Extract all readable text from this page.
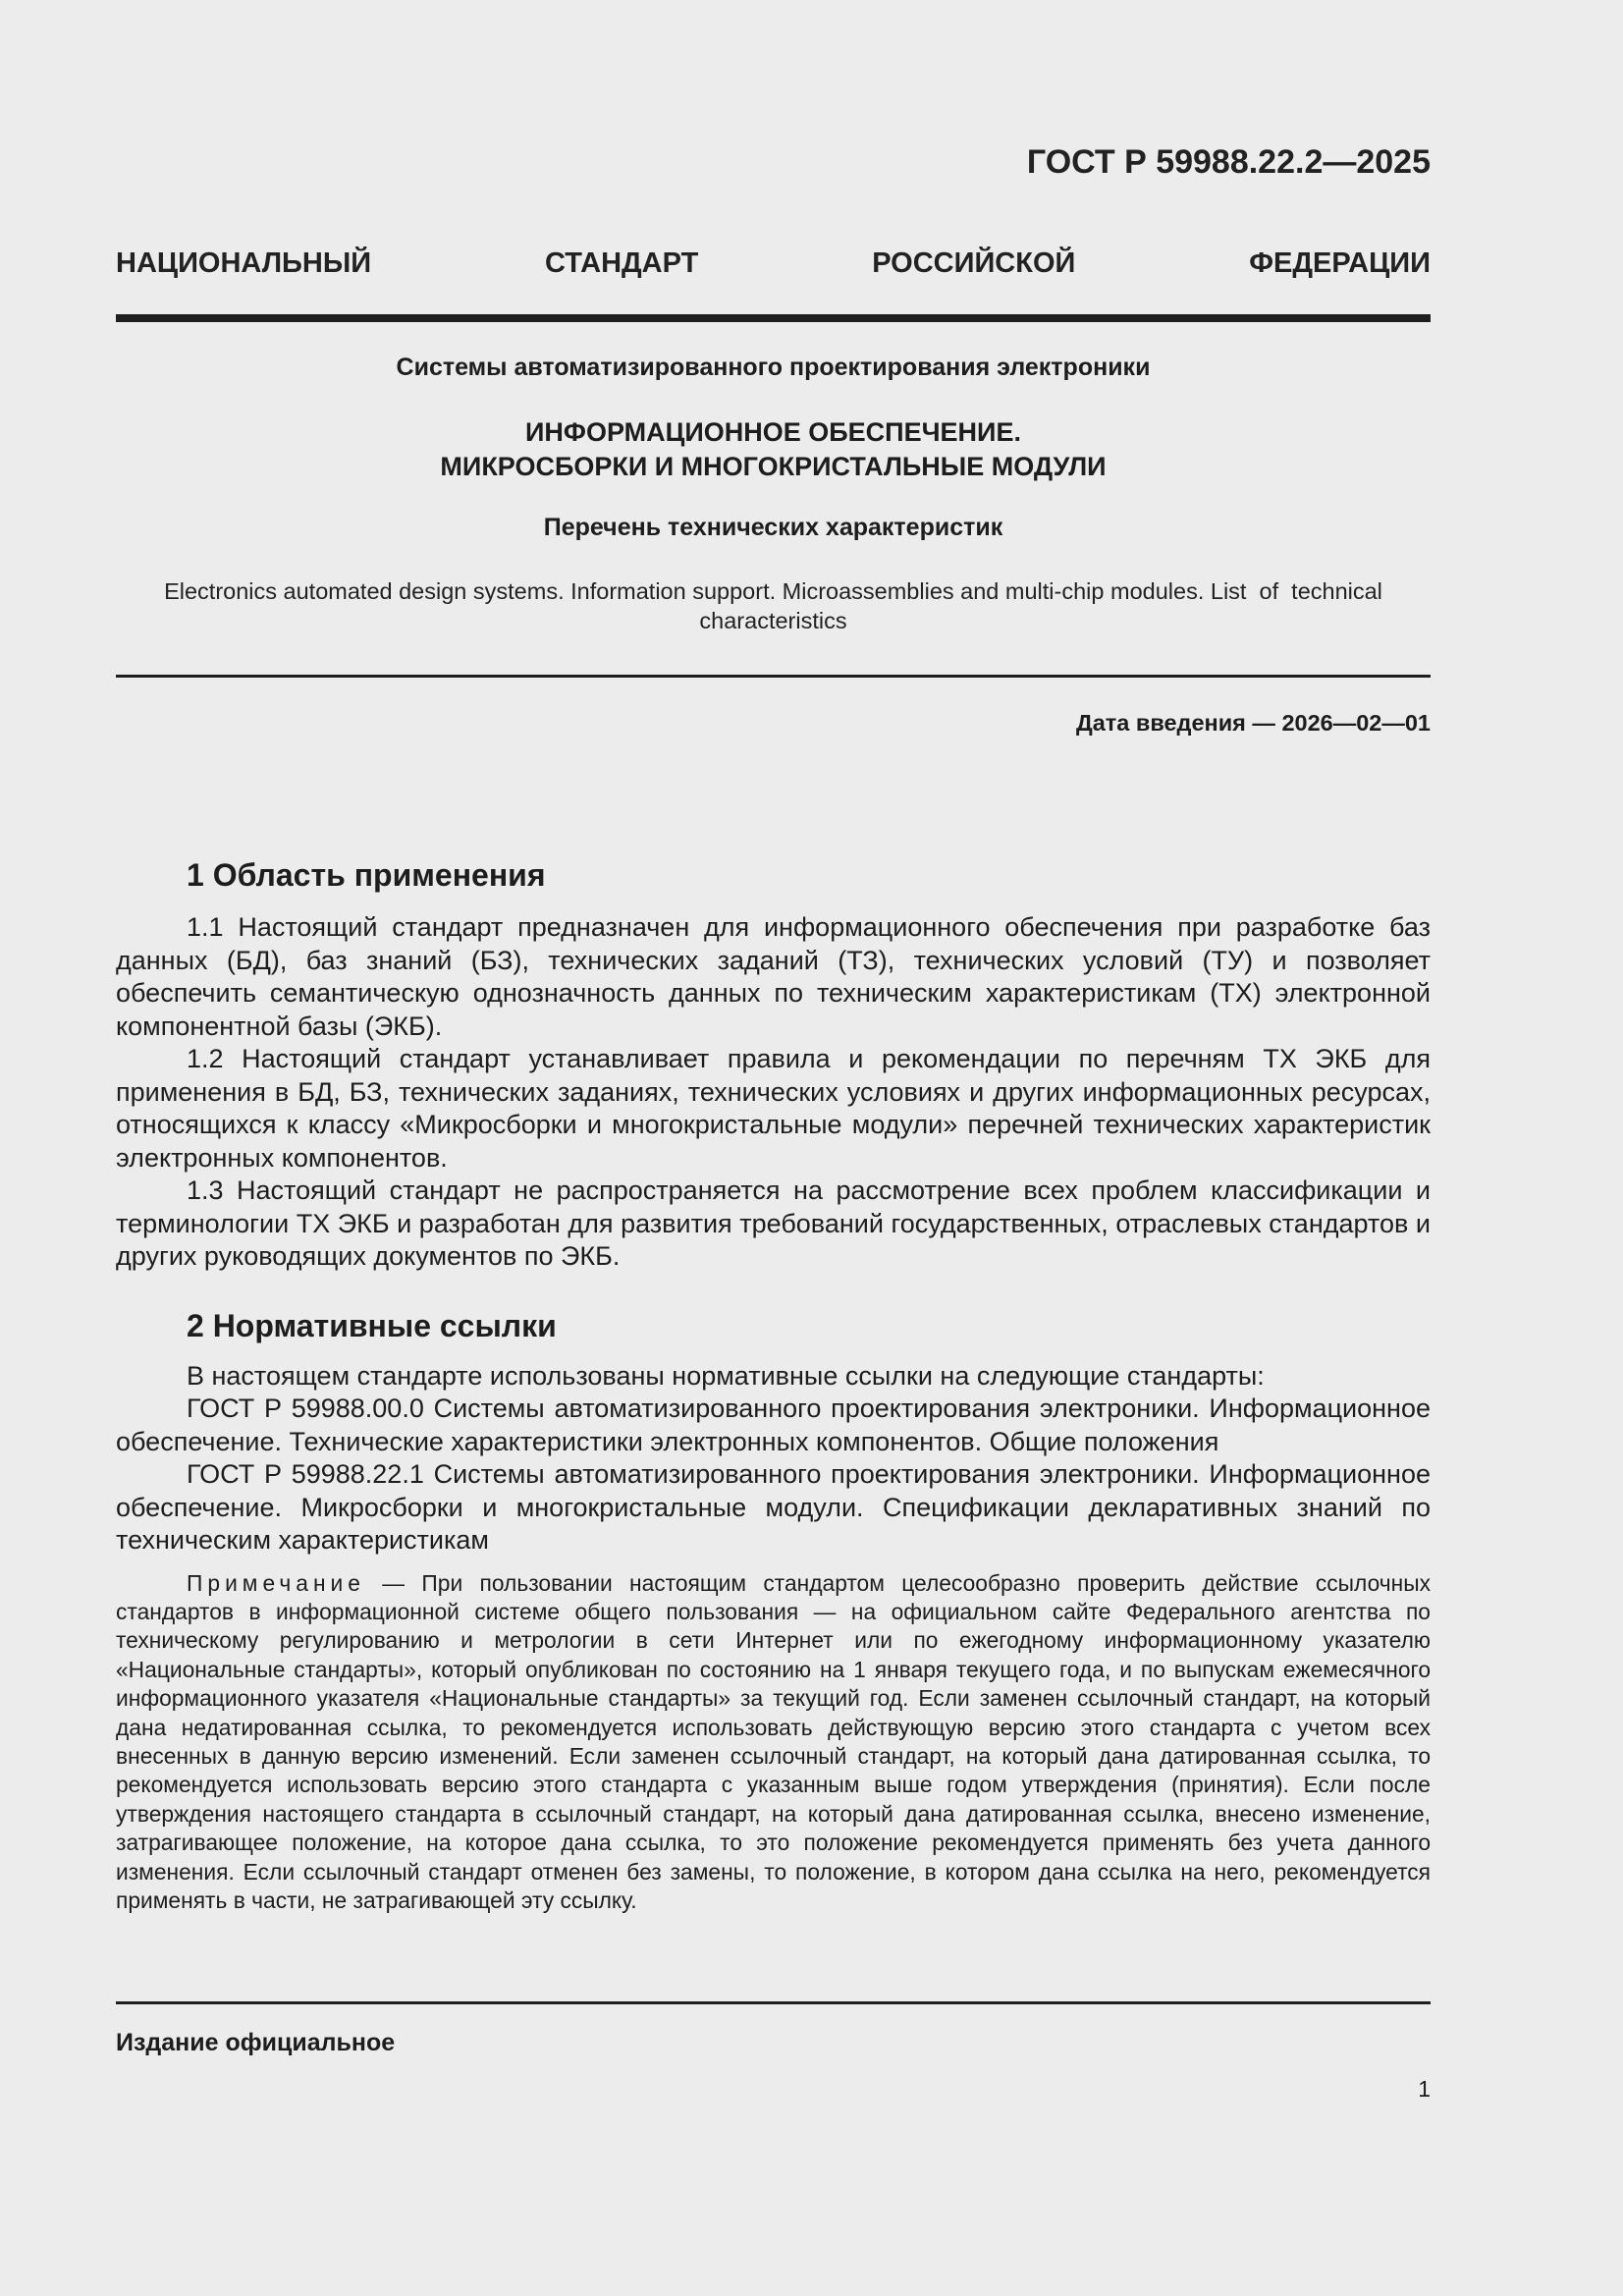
ГОСТ Р 59988.22.2—2025
НАЦИОНАЛЬНЫЙ СТАНДАРТ РОССИЙСКОЙ ФЕДЕРАЦИИ
Системы автоматизированного проектирования электроники
ИНФОРМАЦИОННОЕ ОБЕСПЕЧЕНИЕ.
МИКРОСБОРКИ И МНОГОКРИСТАЛЬНЫЕ МОДУЛИ
Перечень технических характеристик
Electronics automated design systems. Information support. Microassemblies and multi-chip modules. List  of  technical
characteristics
Дата введения — 2026—02—01
1 Область применения

1.1 Настоящий стандарт предназначен для информационного обеспечения при разработке баз данных (БД), баз знаний (БЗ), технических заданий (ТЗ), технических условий (ТУ) и позволяет обеспечить семантическую однозначность данных по техническим характеристикам (ТХ) электронной компонентной базы (ЭКБ).

1.2 Настоящий стандарт устанавливает правила и рекомендации по перечням ТХ ЭКБ для применения в БД, БЗ, технических заданиях, технических условиях и других информационных ресурсах, относящихся к классу «Микросборки и многокристальные модули» перечней технических характеристик электронных компонентов.

1.3 Настоящий стандарт не распространяется на рассмотрение всех проблем классификации и терминологии ТХ ЭКБ и разработан для развития требований государственных, отраслевых стандартов и других руководящих документов по ЭКБ.

2 Нормативные ссылки

В настоящем стандарте использованы нормативные ссылки на следующие стандарты:

ГОСТ Р 59988.00.0 Системы автоматизированного проектирования электроники. Информационное обеспечение. Технические характеристики электронных компонентов. Общие положения

ГОСТ Р 59988.22.1 Системы автоматизированного проектирования электроники. Информационное обеспечение. Микросборки и многокристальные модули. Спецификации декларативных знаний по техническим характеристикам

Примечание — При пользовании настоящим стандартом целесообразно проверить действие ссылочных стандартов в информационной системе общего пользования — на официальном сайте Федерального агентства по техническому регулированию и метрологии в сети Интернет или по ежегодному информационному указателю «Национальные стандарты», который опубликован по состоянию на 1 января текущего года, и по выпускам ежемесячного информационного указателя «Национальные стандарты» за текущий год. Если заменен ссылочный стандарт, на который дана недатированная ссылка, то рекомендуется использовать действующую версию этого стандарта с учетом всех внесенных в данную версию изменений. Если заменен ссылочный стандарт, на который дана датированная ссылка, то рекомендуется использовать версию этого стандарта с указанным выше годом утверждения (принятия). Если после утверждения настоящего стандарта в ссылочный стандарт, на который дана датированная ссылка, внесено изменение, затрагивающее положение, на которое дана ссылка, то это положение рекомендуется применять без учета данного изменения. Если ссылочный стандарт отменен без замены, то положение, в котором дана ссылка на него, рекомендуется применять в части, не затрагивающей эту ссылку.

Издание официальное
1
